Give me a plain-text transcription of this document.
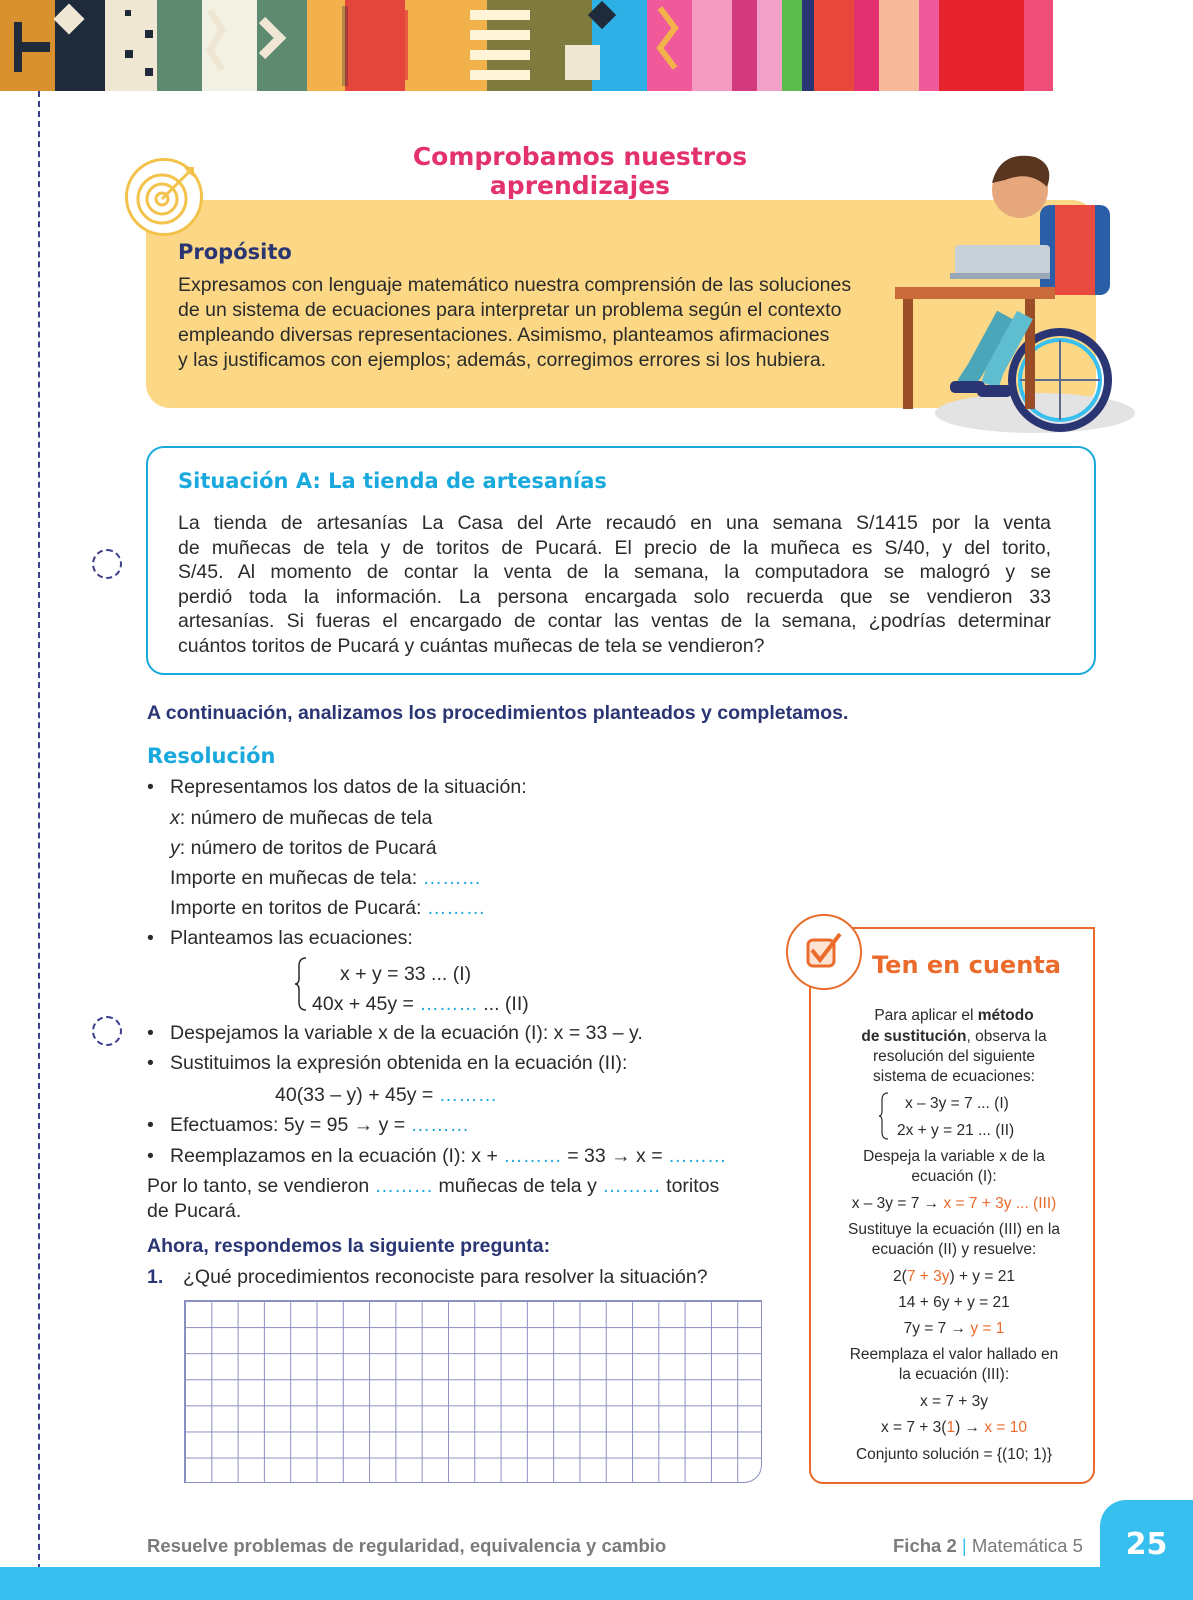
Comprobamos nuestros aprendizajes
Propósito
Expresamos con lenguaje matemático nuestra comprensión de las soluciones
de un sistema de ecuaciones para interpretar un problema según el contexto
empleando diversas representaciones. Asimismo, planteamos afirmaciones
y las justificamos con ejemplos; además, corregimos errores si los hubiera.
Situación A: La tienda de artesanías
La tienda de artesanías La Casa del Arte recaudó en una semana S/1415 por la venta
de muñecas de tela y de toritos de Pucará. El precio de la muñeca es S/40, y del torito,
S/45. Al momento de contar la venta de la semana, la computadora se malogró y se
perdió toda la información. La persona encargada solo recuerda que se vendieron 33
artesanías. Si fueras el encargado de contar las ventas de la semana, ¿podrías determinar
cuántos toritos de Pucará y cuántas muñecas de tela se vendieron?
A continuación, analizamos los procedimientos planteados y completamos.
Resolución
• Representamos los datos de la situación:
x: número de muñecas de tela
y: número de toritos de Pucará
Importe en muñecas de tela: ………
Importe en toritos de Pucará: ………
• Planteamos las ecuaciones:
x + y = 33 ... (I)
40x + 45y = ……… ... (II)
• Despejamos la variable x de la ecuación (I): x = 33 – y.
• Sustituimos la expresión obtenida en la ecuación (II):
40(33 – y) + 45y = ………
• Efectuamos: 5y = 95 → y = ………
• Reemplazamos en la ecuación (I): x + ……… = 33 → x = ………
Por lo tanto, se vendieron ……… muñecas de tela y ……… toritos
de Pucará.
Ahora, respondemos la siguiente pregunta:
1. ¿Qué procedimientos reconociste para resolver la situación?
Ten en cuenta
Para aplicar el método
de sustitución, observa la
resolución del siguiente
sistema de ecuaciones:
x – 3y = 7 ... (I)
2x + y = 21 ... (II)
Despeja la variable x de la
ecuación (I):
x – 3y = 7 → x = 7 + 3y ... (III)
Sustituye la ecuación (III) en la
ecuación (II) y resuelve:
2(7 + 3y) + y = 21
14 + 6y + y = 21
7y = 7 → y = 1
Reemplaza el valor hallado en
la ecuación (III):
x = 7 + 3y
x = 7 + 3(1) → x = 10
Conjunto solución = {(10; 1)}
25
Resuelve problemas de regularidad, equivalencia y cambio	Ficha 2 | Matemática 5
